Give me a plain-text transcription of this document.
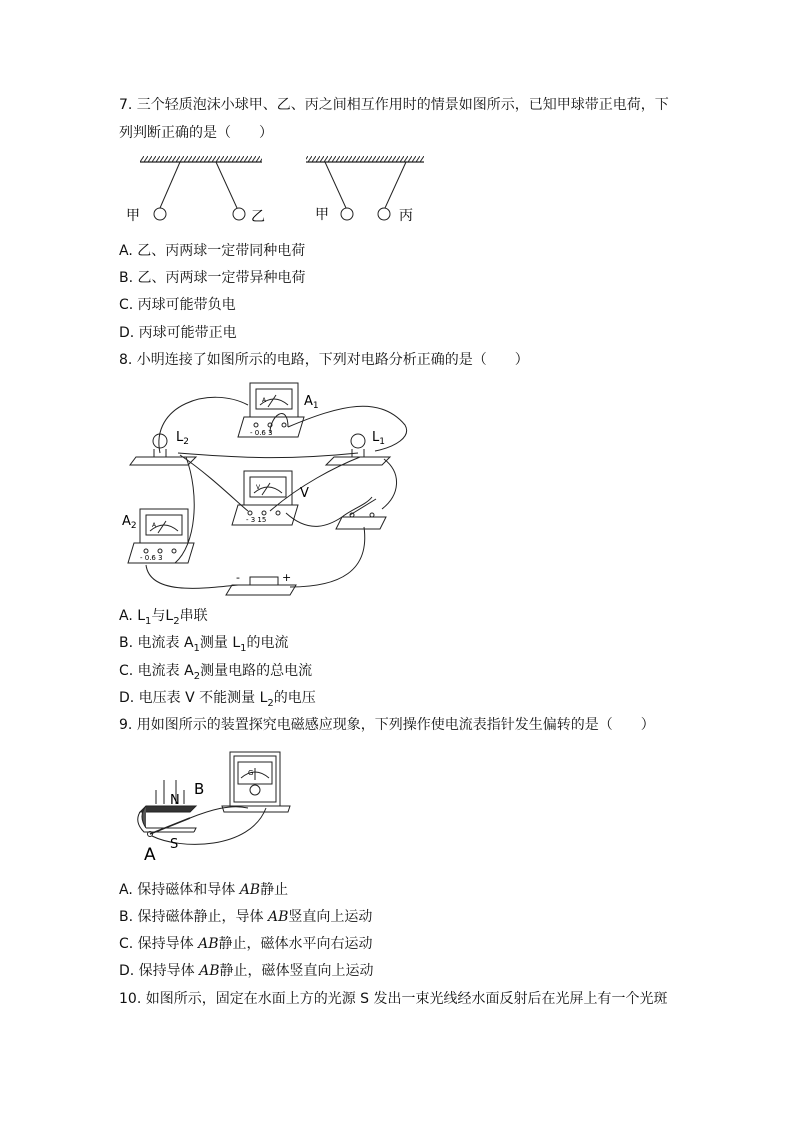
7. 三个轻质泡沫小球甲、乙、丙之间相互作用时的情景如图所示，已知甲球带正电荷，下
列判断正确的是（　　）
甲	乙	甲	丙
A. 乙、丙两球一定带同种电荷
B. 乙、丙两球一定带异种电荷
C. 丙球可能带负电
D. 丙球可能带正电
8. 小明连接了如图所示的电路，下列对电路分析正确的是（　　）
A
- 0.6 3
$A_1$
$L_2$	$L_1$
V
- 3 15
V
A
- 0.6 3
$A_2$
-	+
A. $L_1$与$L_2$串联
B. 电流表 $A_1$测量 $L_1$的电流
C. 电流表 $A_2$测量电路的总电流
D. 电压表 V 不能测量 $L_2$的电压
9. 用如图所示的装置探究电磁感应现象，下列操作使电流表指针发生偏转的是（　　）
G
N
B
A
S
A. 保持磁体和导体 AB静止
B. 保持磁体静止，导体 AB竖直向上运动
C. 保持导体 AB静止，磁体水平向右运动
D. 保持导体 AB静止，磁体竖直向上运动
10. 如图所示，固定在水面上方的光源 S 发出一束光线经水面反射后在光屏上有一个光斑
